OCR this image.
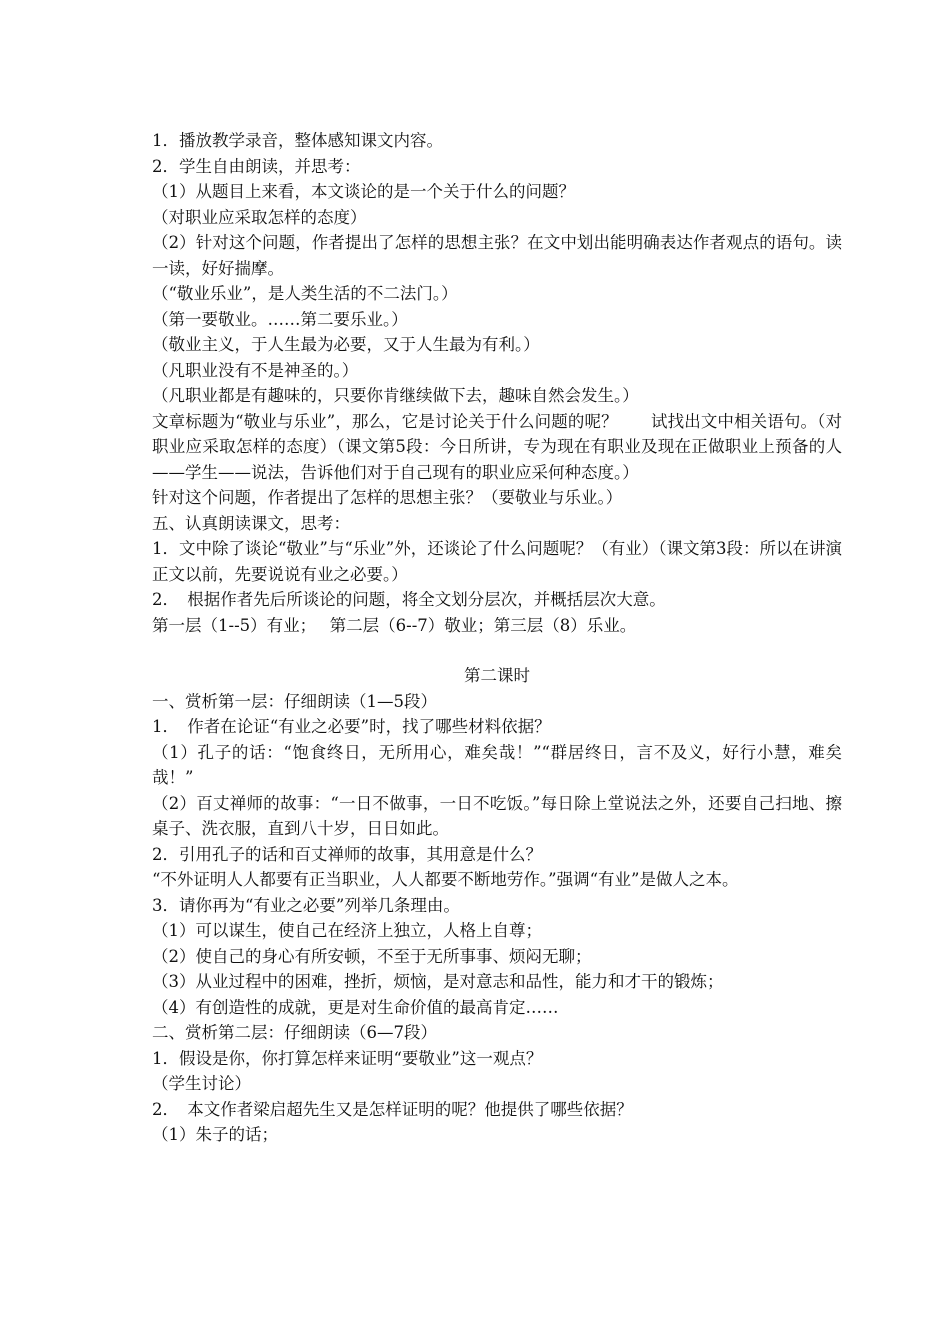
1．播放教学录音，整体感知课文内容。

2．学生自由朗读，并思考：

（1）从题目上来看，本文谈论的是一个关于什么的问题？

（对职业应采取怎样的态度）

（2）针对这个问题，作者提出了怎样的思想主张？在文中划出能明确表达作者观点的语句。读一读，好好揣摩。

（“敬业乐业”，是人类生活的不二法门。）

（第一要敬业。……第二要乐业。）

（敬业主义，于人生最为必要，又于人生最为有利。）

（凡职业没有不是神圣的。）

（凡职业都是有趣味的，只要你肯继续做下去，趣味自然会发生。）

文章标题为“敬业与乐业”，那么，它是讨论关于什么问题的呢？　　试找出文中相关语句。（对职业应采取怎样的态度）（课文第5段：今日所讲，专为现在有职业及现在正做职业上预备的人——学生——说法，告诉他们对于自己现有的职业应采何种态度。）

针对这个问题，作者提出了怎样的思想主张？（要敬业与乐业。）

五、认真朗读课文，思考：

1．文中除了谈论“敬业”与“乐业”外，还谈论了什么问题呢？（有业）（课文第3段：所以在讲演正文以前，先要说说有业之必要。）

2．　根据作者先后所谈论的问题，将全文划分层次，并概括层次大意。

第一层（1--5）有业；　 第二层（6--7）敬业；第三层（8）乐业。

第二课时

一、赏析第一层：仔细朗读（1—5段）

1．　作者在论证“有业之必要”时，找了哪些材料依据？

（1）孔子的话：“饱食终日，无所用心，难矣哉！”“群居终日，言不及义，好行小慧，难矣哉！”

（2）百丈禅师的故事：“一日不做事，一日不吃饭。”每日除上堂说法之外，还要自己扫地、擦桌子、洗衣服，直到八十岁，日日如此。

2．引用孔子的话和百丈禅师的故事，其用意是什么？

“不外证明人人都要有正当职业，人人都要不断地劳作。”强调“有业”是做人之本。

3．请你再为“有业之必要”列举几条理由。

（1）可以谋生，使自己在经济上独立，人格上自尊；

（2）使自己的身心有所安顿，不至于无所事事、烦闷无聊；

（3）从业过程中的困难，挫折，烦恼，是对意志和品性，能力和才干的锻炼；

（4）有创造性的成就，更是对生命价值的最高肯定……

二、赏析第二层：仔细朗读（6—7段）

1．假设是你，你打算怎样来证明“要敬业”这一观点？

（学生讨论）

2．　本文作者梁启超先生又是怎样证明的呢？他提供了哪些依据？

（1）朱子的话；
